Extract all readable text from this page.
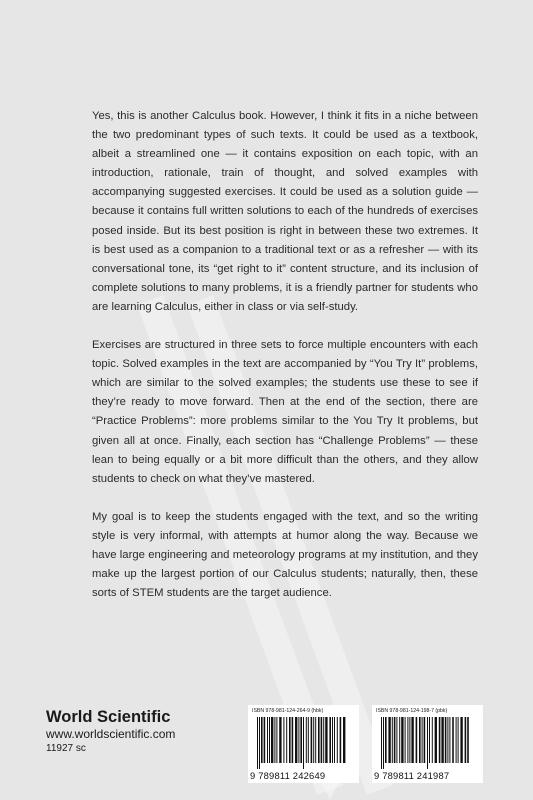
Yes, this is another Calculus book. However, I think it fits in a niche between the two predominant types of such texts. It could be used as a textbook, albeit a streamlined one — it contains exposition on each topic, with an introduction, rationale, train of thought, and solved examples with accompanying suggested exercises. It could be used as a solution guide — because it contains full written solutions to each of the hundreds of exercises posed inside. But its best position is right in between these two extremes. It is best used as a companion to a traditional text or as a refresher — with its conversational tone, its “get right to it” content structure, and its inclusion of complete solutions to many problems, it is a friendly partner for students who are learning Calculus, either in class or via self-study.

Exercises are structured in three sets to force multiple encounters with each topic. Solved examples in the text are accompanied by “You Try It” problems, which are similar to the solved examples; the students use these to see if they’re ready to move forward. Then at the end of the section, there are “Practice Problems”: more problems similar to the You Try It problems, but given all at once. Finally, each section has “Challenge Problems” — these lean to being equally or a bit more difficult than the others, and they allow students to check on what they’ve mastered.

My goal is to keep the students engaged with the text, and so the writing style is very informal, with attempts at humor along the way. Because we have large engineering and meteorology programs at my institution, and they make up the largest portion of our Calculus students; naturally, then, these sorts of STEM students are the target audience.

World Scientific
www.worldscientific.com
11927 sc
ISBN 978-981-124-264-9 (hbk)
9 789811 242649
ISBN 978-981-124-198-7 (pbk)
9 789811 241987
